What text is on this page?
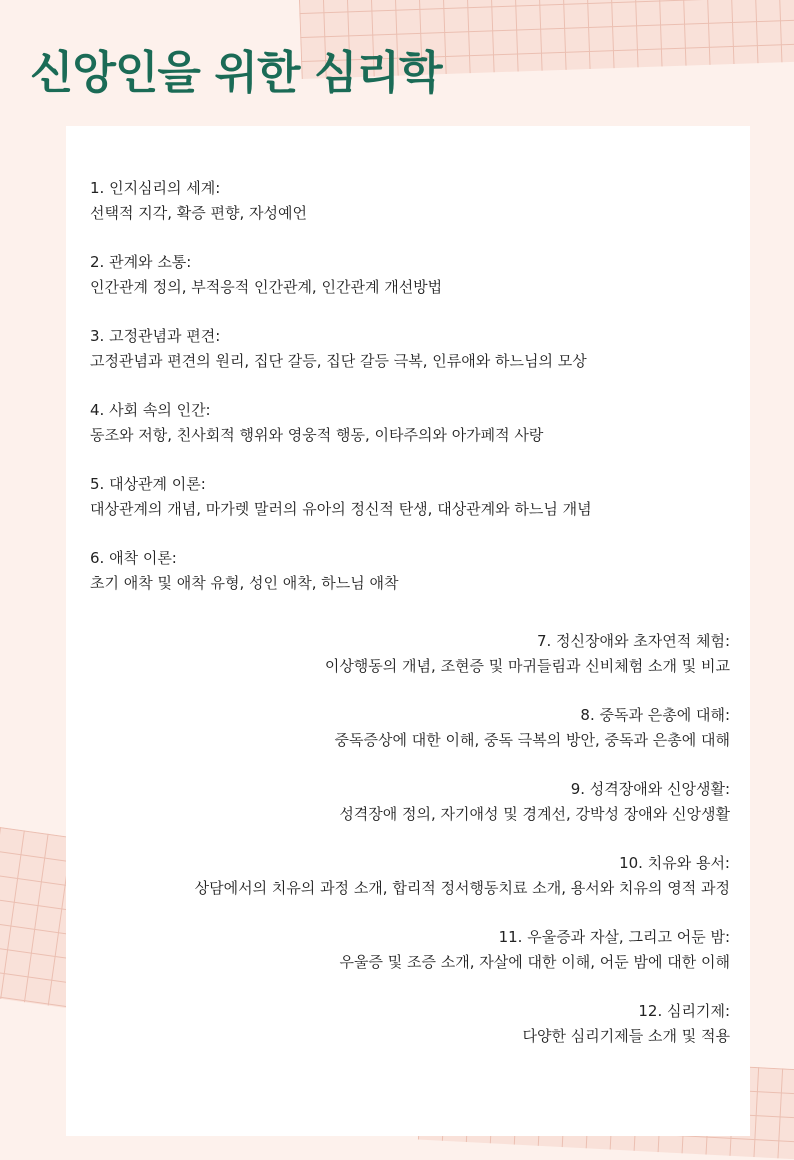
신앙인을 위한 심리학
1. 인지심리의 세계:
선택적 지각, 확증 편향, 자성예언
2. 관계와 소통:
인간관계 정의, 부적응적 인간관계, 인간관계 개선방법
3. 고정관념과 편견:
고정관념과 편견의 원리, 집단 갈등, 집단 갈등 극복, 인류애와 하느님의 모상
4. 사회 속의 인간:
동조와 저항, 친사회적 행위와 영웅적 행동, 이타주의와 아가페적 사랑
5. 대상관계 이론:
대상관계의 개념, 마가렛 말러의 유아의 정신적 탄생, 대상관계와 하느님 개념
6. 애착 이론:
초기 애착 및 애착 유형, 성인 애착, 하느님 애착
7. 정신장애와 초자연적 체험:
이상행동의 개념, 조현증 및 마귀들림과 신비체험 소개 및 비교
8. 중독과 은총에 대해:
중독증상에 대한 이해, 중독 극복의 방안, 중독과 은총에 대해
9. 성격장애와 신앙생활:
성격장애 정의, 자기애성 및 경계선, 강박성 장애와 신앙생활
10. 치유와 용서:
상담에서의 치유의 과정 소개, 합리적 정서행동치료 소개, 용서와 치유의 영적 과정
11. 우울증과 자살, 그리고 어둔 밤:
우울증 및 조증 소개, 자살에 대한 이해, 어둔 밤에 대한 이해
12. 심리기제:
다양한 심리기제들 소개 및 적용
